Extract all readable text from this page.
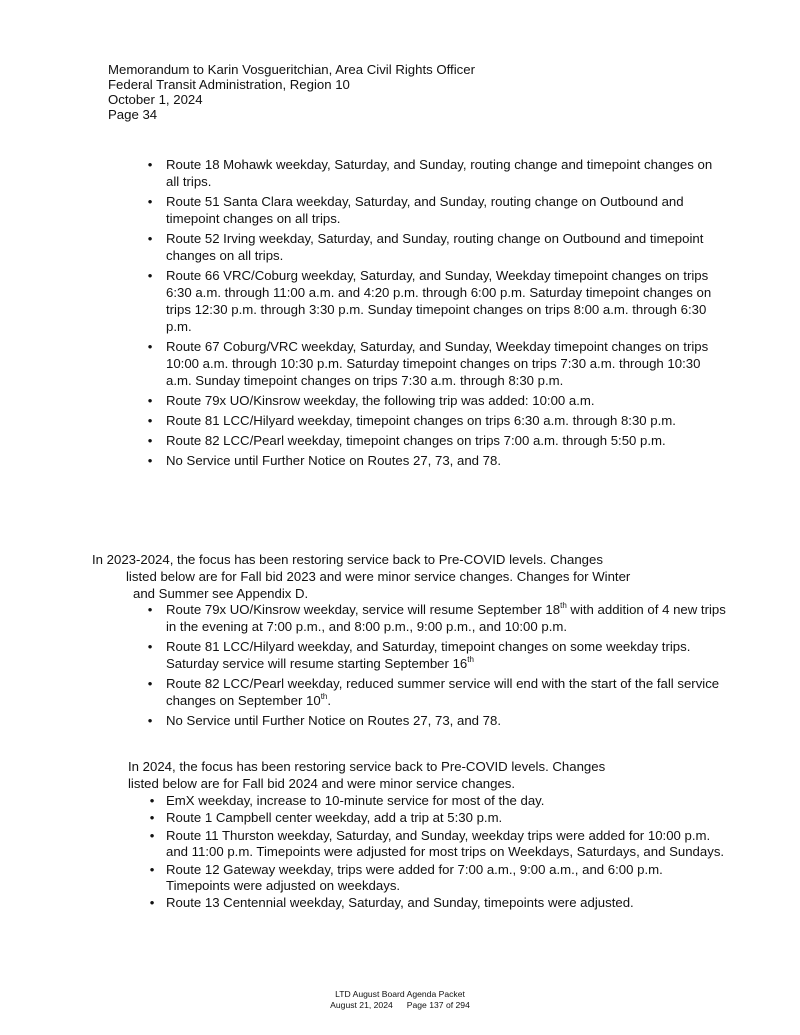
Memorandum to Karin Vosgueritchian, Area Civil Rights Officer
Federal Transit Administration, Region 10
October 1, 2024
Page 34
• Route 18 Mohawk weekday, Saturday, and Sunday, routing change and timepoint changes on all trips.
• Route 51 Santa Clara weekday, Saturday, and Sunday, routing change on Outbound and timepoint changes on all trips.
• Route 52 Irving weekday, Saturday, and Sunday, routing change on Outbound and timepoint changes on all trips.
• Route 66 VRC/Coburg weekday, Saturday, and Sunday, Weekday timepoint changes on trips 6:30 a.m. through 11:00 a.m. and 4:20 p.m. through 6:00 p.m. Saturday timepoint changes on trips 12:30 p.m. through 3:30 p.m. Sunday timepoint changes on trips 8:00 a.m. through 6:30 p.m.
• Route 67 Coburg/VRC weekday, Saturday, and Sunday, Weekday timepoint changes on trips 10:00 a.m. through 10:30 p.m. Saturday timepoint changes on trips 7:30 a.m. through 10:30 a.m. Sunday timepoint changes on trips 7:30 a.m. through 8:30 p.m.
• Route 79x UO/Kinsrow weekday, the following trip was added: 10:00 a.m.
• Route 81 LCC/Hilyard weekday, timepoint changes on trips 6:30 a.m. through 8:30 p.m.
• Route 82 LCC/Pearl weekday, timepoint changes on trips 7:00 a.m. through 5:50 p.m.
• No Service until Further Notice on Routes 27, 73, and 78.
In 2023-2024, the focus has been restoring service back to Pre-COVID levels. Changes
listed below are for Fall bid 2023 and were minor service changes. Changes for Winter
and Summer see Appendix D.
• Route 79x UO/Kinsrow weekday, service will resume September 18th with addition of 4 new trips in the evening at 7:00 p.m., and 8:00 p.m., 9:00 p.m., and 10:00 p.m.
• Route 81 LCC/Hilyard weekday, and Saturday, timepoint changes on some weekday trips. Saturday service will resume starting September 16th
• Route 82 LCC/Pearl weekday, reduced summer service will end with the start of the fall service changes on September 10th.
• No Service until Further Notice on Routes 27, 73, and 78.
In 2024, the focus has been restoring service back to Pre-COVID levels. Changes
listed below are for Fall bid 2024 and were minor service changes.
• EmX weekday, increase to 10-minute service for most of the day.
• Route 1 Campbell center weekday, add a trip at 5:30 p.m.
• Route 11 Thurston weekday, Saturday, and Sunday, weekday trips were added for 10:00 p.m. and 11:00 p.m. Timepoints were adjusted for most trips on Weekdays, Saturdays, and Sundays.
• Route 12 Gateway weekday, trips were added for 7:00 a.m., 9:00 a.m., and 6:00 p.m. Timepoints were adjusted on weekdays.
• Route 13 Centennial weekday, Saturday, and Sunday, timepoints were adjusted.
LTD August Board Agenda Packet
August 21, 2024 Page 137 of 294
